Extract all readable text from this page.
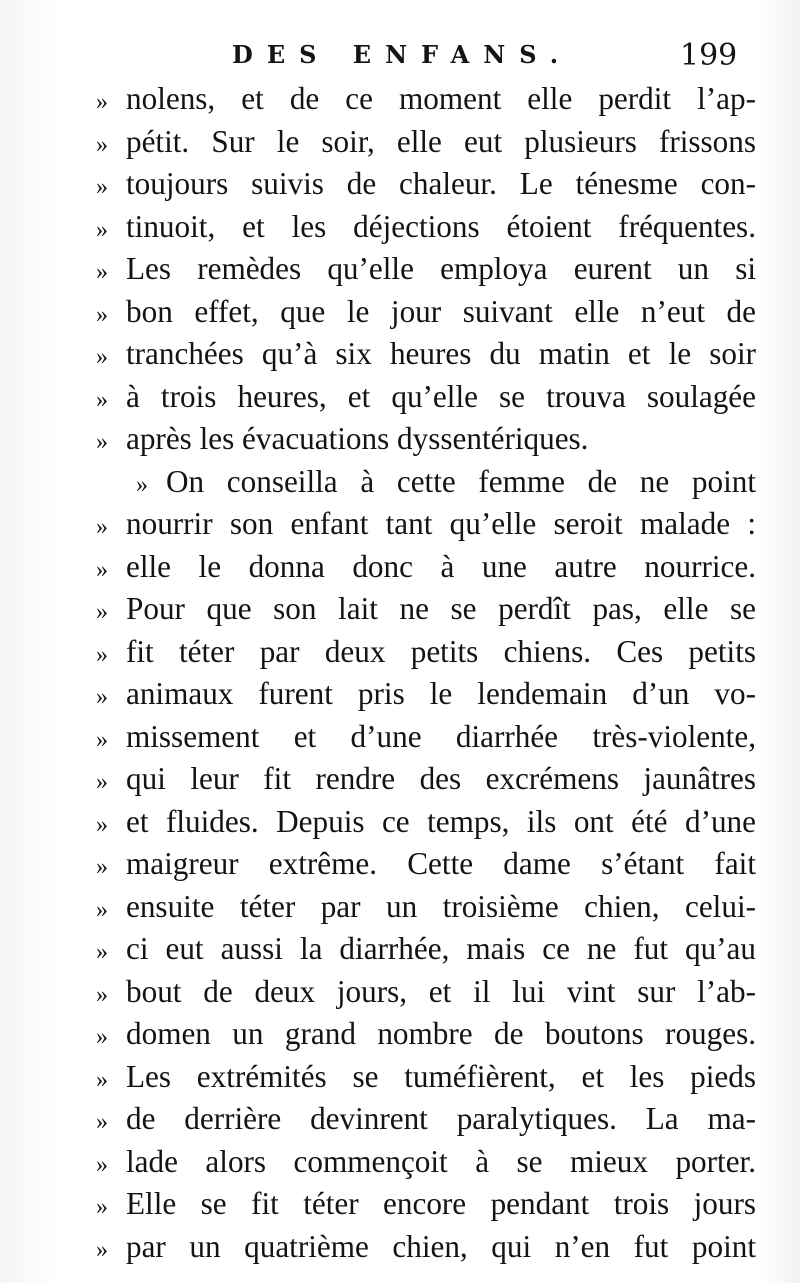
DES ENFANS.	199
» nolens, et de ce moment elle perdit l’ap-
» pétit. Sur le soir, elle eut plusieurs frissons
» toujours suivis de chaleur. Le ténesme con-
» tinuoit, et les déjections étoient fréquentes.
» Les remèdes qu’elle employa eurent un si
» bon effet, que le jour suivant elle n’eut de
» tranchées qu’à six heures du matin et le soir
» à trois heures, et qu’elle se trouva soulagée
» après les évacuations dyssentériques.
» On conseilla à cette femme de ne point
» nourrir son enfant tant qu’elle seroit malade :
» elle le donna donc à une autre nourrice.
» Pour que son lait ne se perdît pas, elle se
» fit téter par deux petits chiens. Ces petits
» animaux furent pris le lendemain d’un vo-
» missement et d’une diarrhée très-violente,
» qui leur fit rendre des excrémens jaunâtres
» et fluides. Depuis ce temps, ils ont été d’une
» maigreur extrême. Cette dame s’étant fait
» ensuite téter par un troisième chien, celui-
» ci eut aussi la diarrhée, mais ce ne fut qu’au
» bout de deux jours, et il lui vint sur l’ab-
» domen un grand nombre de boutons rouges.
» Les extrémités se tuméfièrent, et les pieds
» de derrière devinrent paralytiques. La ma-
» lade alors commençoit à se mieux porter.
» Elle se fit téter encore pendant trois jours
» par un quatrième chien, qui n’en fut point
